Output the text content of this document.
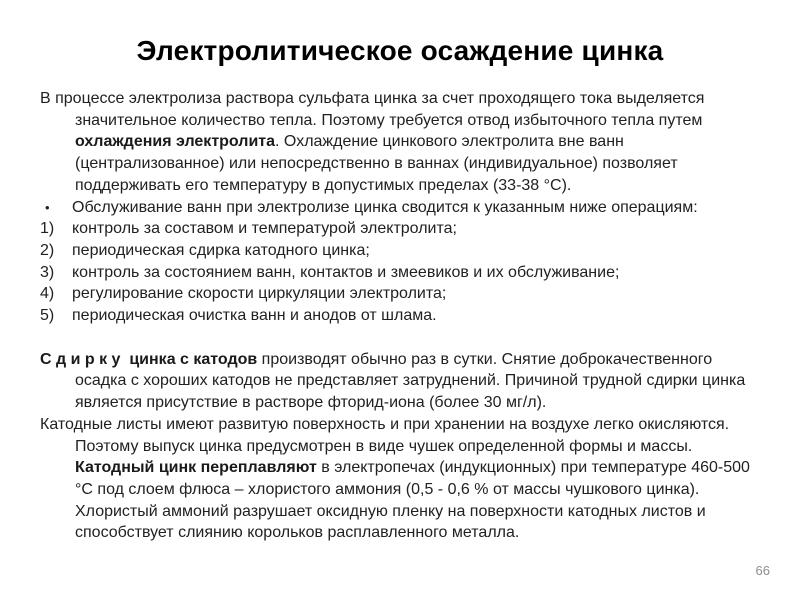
Электролитическое осаждение цинка
В процессе электролиза раствора сульфата цинка за счет проходящего тока выделяется значительное количество тепла. Поэтому требуется отвод избыточного тепла путем охлаждения электролита. Охлаждение цинкового электролита вне ванн (централизованное) или непосредственно в ваннах (индивидуальное) позволяет поддерживать его температуру в допустимых пределах (33-38 °С).
•	Обслуживание ванн при электролизе цинка сводится к указанным ниже операциям:
1)	контроль за составом и температурой электролита;
2)	периодическая сдирка катодного цинка;
3)	контроль за состоянием ванн, контактов и змеевиков и их обслуживание;
4)	регулирование скорости циркуляции электролита;
5)	периодическая очистка ванн и анодов от шлама.
С д и р к у  цинка с катодов производят обычно раз в сутки. Снятие доброкачественного осадка с хороших катодов не представляет затруднений. Причиной трудной сдирки цинка является присутствие в растворе фторид-иона (более 30 мг/л).
Катодные листы имеют развитую поверхность и при хранении на воздухе легко окисляются. Поэтому выпуск цинка предусмотрен в виде чушек определенной формы и массы. Катодный цинк переплавляют в электропечах (индукционных) при температуре 460-500 °С под слоем флюса – хлористого аммония (0,5 - 0,6 % от массы чушкового цинка). Хлористый аммоний разрушает оксидную пленку на поверхности катодных листов и способствует слиянию корольков расплавленного металла.
66
